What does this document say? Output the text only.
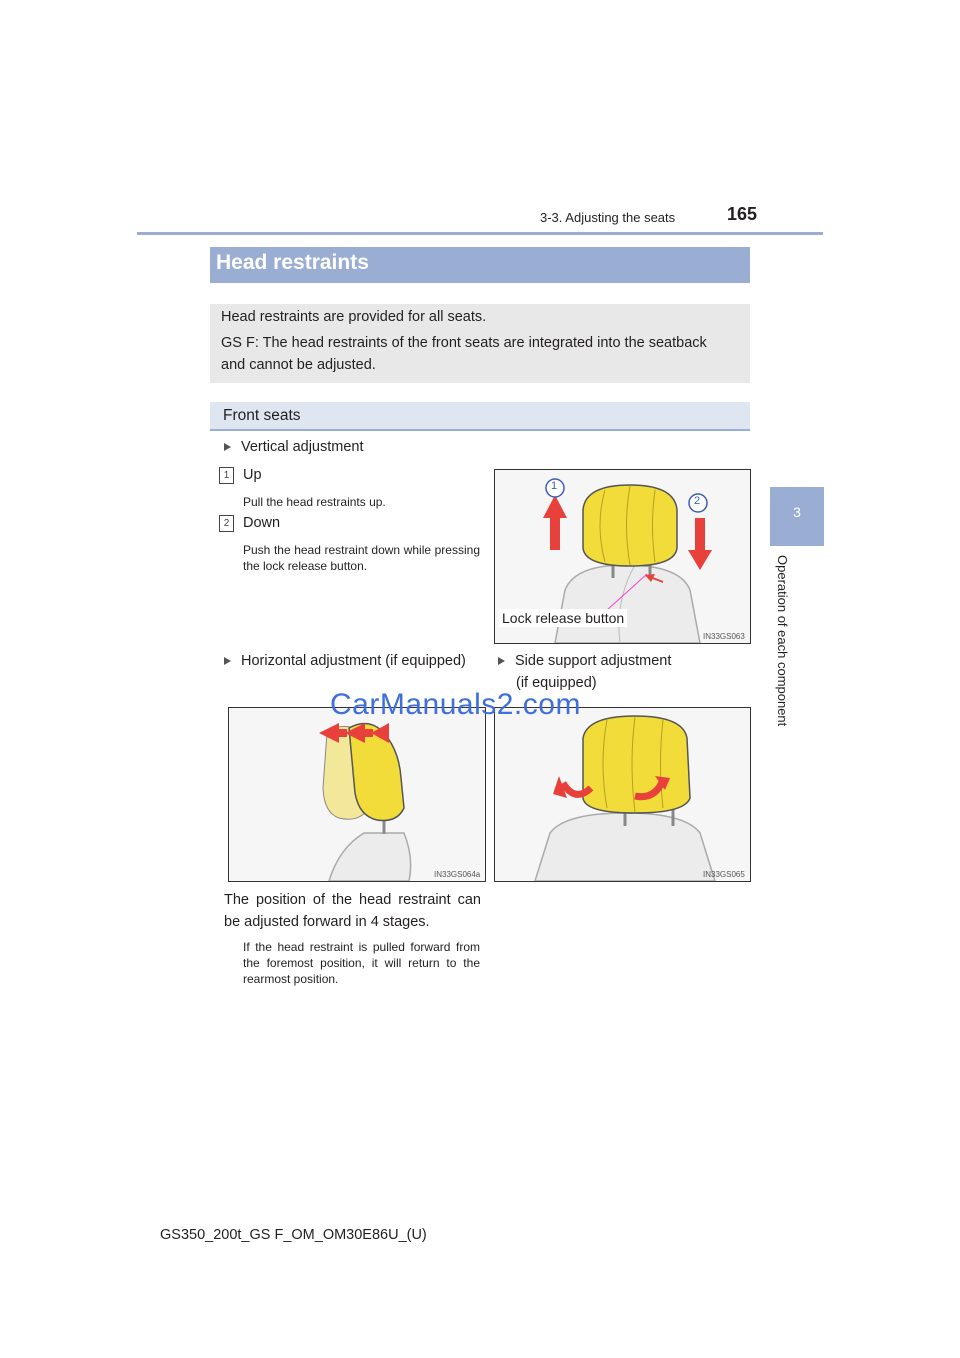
3-3. Adjusting the seats	165
3
Operation of each component
Head restraints
Head restraints are provided for all seats.
GS F: The head restraints of the front seats are integrated into the seatback
and cannot be adjusted.
Front seats
Vertical adjustment
1 Up
Pull the head restraints up.
2 Down
Push the head restraint down while pressing the lock release button.
1
2
Lock release button
IN33GS063
Horizontal adjustment (if equipped)	Side support adjustment
(if equipped)
IN33GS064a	IN33GS065
CarManuals2.com
The position of the head restraint can be adjusted forward in 4 stages.
If the head restraint is pulled forward from the foremost position, it will return to the rearmost position.
GS350_200t_GS F_OM_OM30E86U_(U)
